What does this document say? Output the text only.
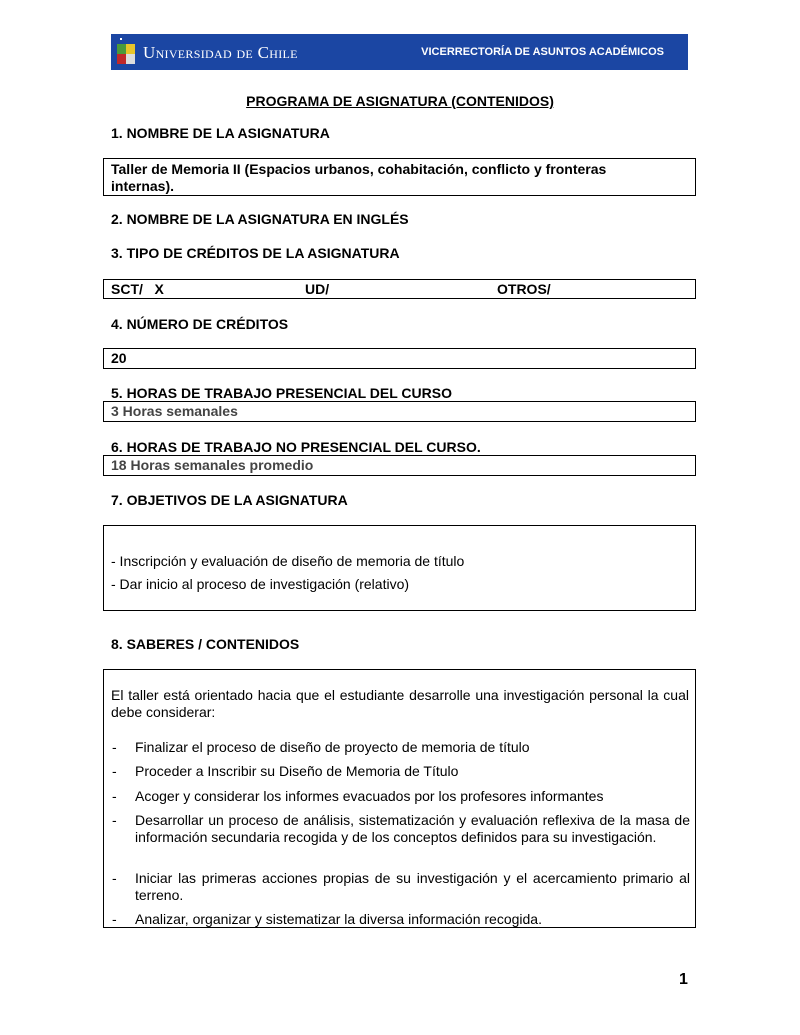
Universidad de Chile	VICERRECTORÍA DE ASUNTOS ACADÉMICOS
PROGRAMA DE ASIGNATURA (CONTENIDOS)
1. NOMBRE DE LA ASIGNATURA
Taller de Memoria II (Espacios urbanos, cohabitación, conflicto y fronteras
internas).
2. NOMBRE DE LA ASIGNATURA EN INGLÉS
3. TIPO DE CRÉDITOS DE LA ASIGNATURA
SCT/   X	UD/	OTROS/
4. NÚMERO DE CRÉDITOS
20
5. HORAS DE TRABAJO PRESENCIAL DEL CURSO
3 Horas semanales
6. HORAS DE TRABAJO NO PRESENCIAL DEL CURSO.
18 Horas semanales promedio
7. OBJETIVOS DE LA ASIGNATURA
- Inscripción y evaluación de diseño de memoria de título
- Dar inicio al proceso de investigación (relativo)
8. SABERES / CONTENIDOS
El taller está orientado hacia que el estudiante desarrolle una investigación personal la cual debe considerar:
- Finalizar el proceso de diseño de proyecto de memoria de título
- Proceder a Inscribir su Diseño de Memoria de Título
- Acoger y considerar los informes evacuados por los profesores informantes
- Desarrollar un proceso de análisis, sistematización y evaluación reflexiva de la masa de información secundaria recogida y de los conceptos definidos para su investigación.
- Iniciar las primeras acciones propias de su investigación y el acercamiento primario al terreno.
- Analizar, organizar y sistematizar la diversa información recogida.
1
